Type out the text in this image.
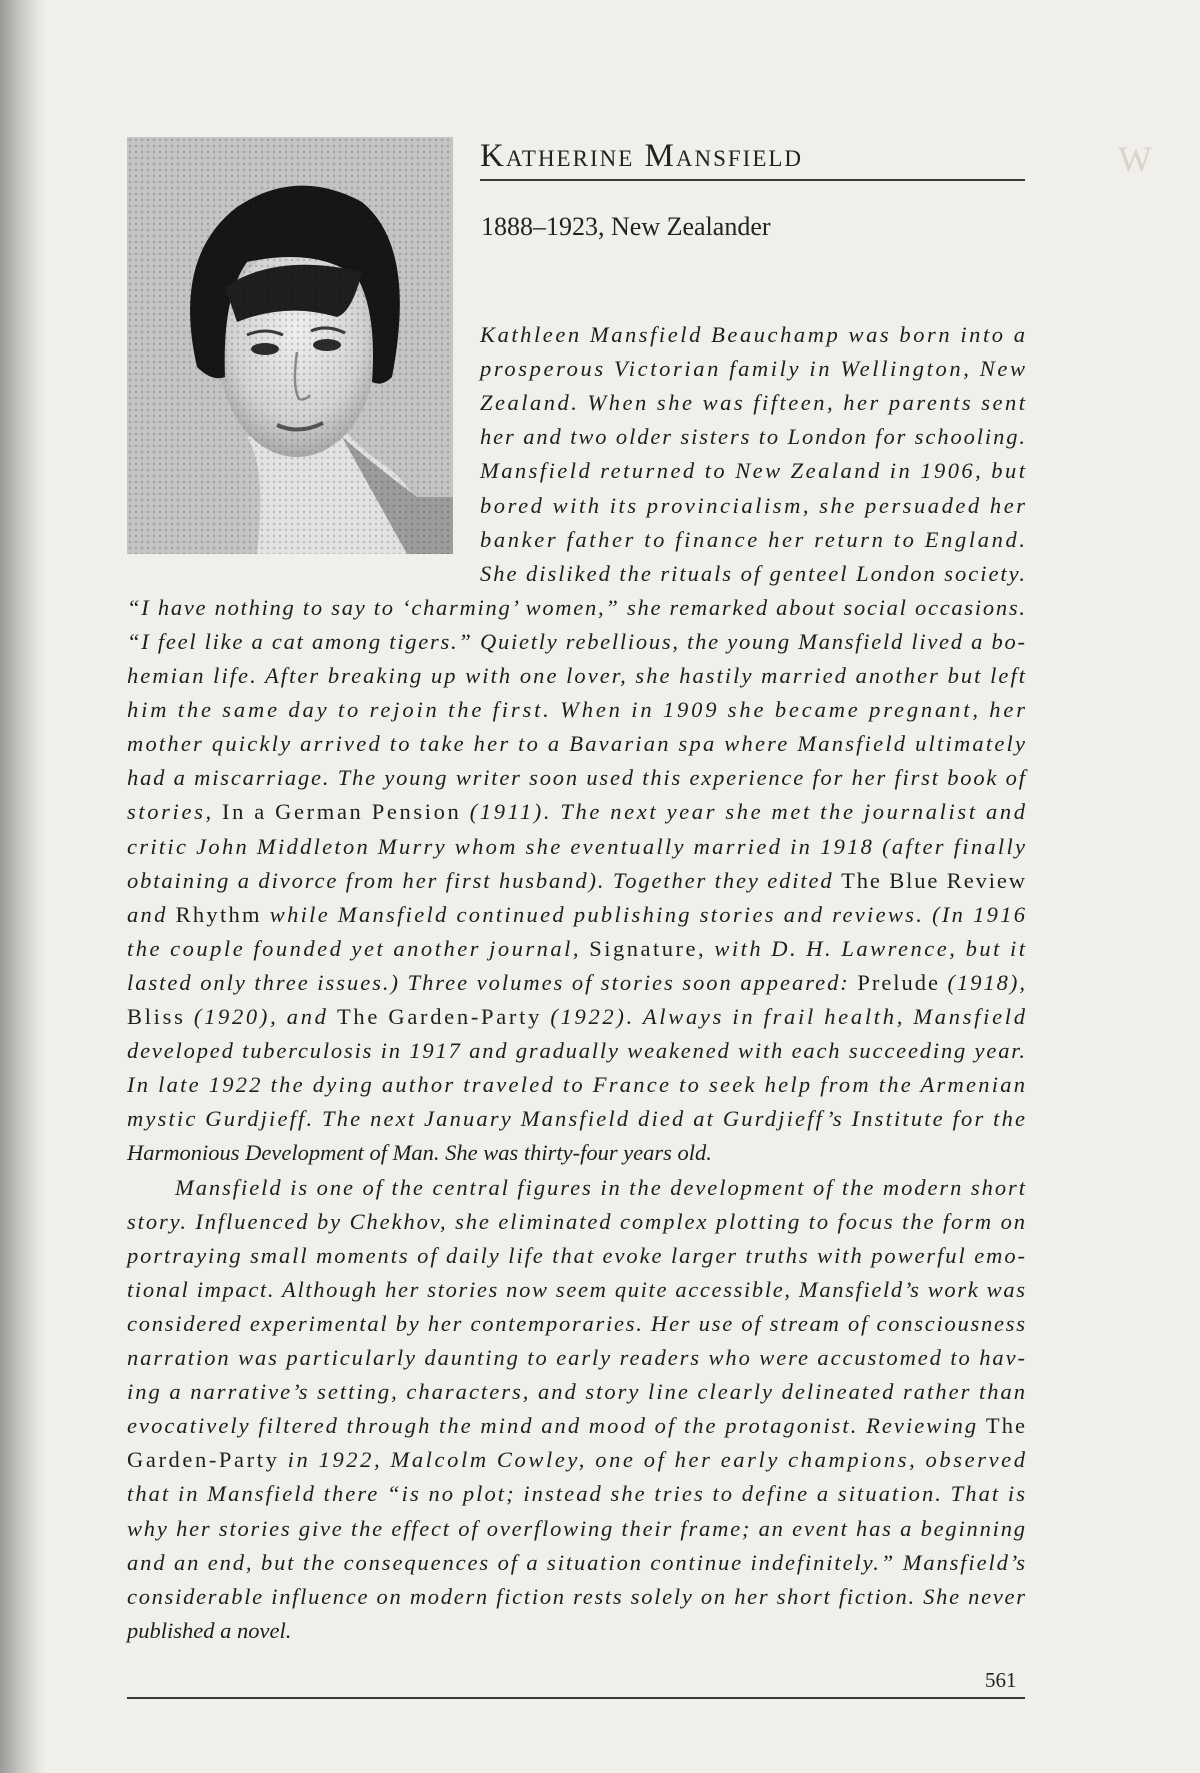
W
Katherine Mansfield
1888–1923, New Zealander
Kathleen Mansfield Beauchamp was born into a
prosperous Victorian family in Wellington, New
Zealand. When she was fifteen, her parents sent
her and two older sisters to London for schooling.
Mansfield returned to New Zealand in 1906, but
bored with its provincialism, she persuaded her
banker father to finance her return to England.
She disliked the rituals of genteel London society.
“I have nothing to say to ‘charming’ women,” she remarked about social occasions.
“I feel like a cat among tigers.” Quietly rebellious, the young Mansfield lived a bo-
hemian life. After breaking up with one lover, she hastily married another but left
him the same day to rejoin the first. When in 1909 she became pregnant, her
mother quickly arrived to take her to a Bavarian spa where Mansfield ultimately
had a miscarriage. The young writer soon used this experience for her first book of
stories, In a German Pension (1911). The next year she met the journalist and
critic John Middleton Murry whom she eventually married in 1918 (after finally
obtaining a divorce from her first husband). Together they edited The Blue Review
and Rhythm while Mansfield continued publishing stories and reviews. (In 1916
the couple founded yet another journal, Signature, with D. H. Lawrence, but it
lasted only three issues.) Three volumes of stories soon appeared: Prelude (1918),
Bliss (1920), and The Garden-Party (1922). Always in frail health, Mansfield
developed tuberculosis in 1917 and gradually weakened with each succeeding year.
In late 1922 the dying author traveled to France to seek help from the Armenian
mystic Gurdjieff. The next January Mansfield died at Gurdjieff’s Institute for the
Harmonious Development of Man. She was thirty-four years old.
Mansfield is one of the central figures in the development of the modern short
story. Influenced by Chekhov, she eliminated complex plotting to focus the form on
portraying small moments of daily life that evoke larger truths with powerful emo-
tional impact. Although her stories now seem quite accessible, Mansfield’s work was
considered experimental by her contemporaries. Her use of stream of consciousness
narration was particularly daunting to early readers who were accustomed to hav-
ing a narrative’s setting, characters, and story line clearly delineated rather than
evocatively filtered through the mind and mood of the protagonist. Reviewing The
Garden-Party in 1922, Malcolm Cowley, one of her early champions, observed
that in Mansfield there “is no plot; instead she tries to define a situation. That is
why her stories give the effect of overflowing their frame; an event has a beginning
and an end, but the consequences of a situation continue indefinitely.” Mansfield’s
considerable influence on modern fiction rests solely on her short fiction. She never
published a novel.
561
